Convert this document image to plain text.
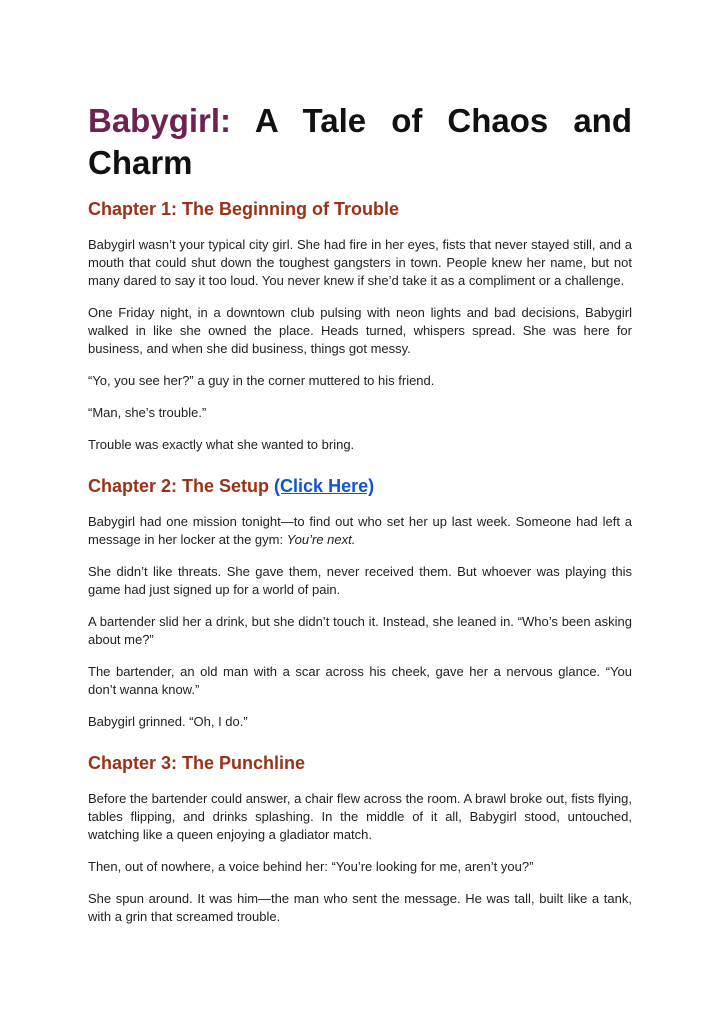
Babygirl: A Tale of Chaos and Charm
Chapter 1: The Beginning of Trouble

Babygirl wasn’t your typical city girl. She had fire in her eyes, fists that never stayed still, and a mouth that could shut down the toughest gangsters in town. People knew her name, but not many dared to say it too loud. You never knew if she’d take it as a compliment or a challenge.

One Friday night, in a downtown club pulsing with neon lights and bad decisions, Babygirl walked in like she owned the place. Heads turned, whispers spread. She was here for business, and when she did business, things got messy.

“Yo, you see her?” a guy in the corner muttered to his friend.

“Man, she’s trouble.”

Trouble was exactly what she wanted to bring.

Chapter 2: The Setup (Click Here)

Babygirl had one mission tonight—to find out who set her up last week. Someone had left a message in her locker at the gym: You’re next.

She didn’t like threats. She gave them, never received them. But whoever was playing this game had just signed up for a world of pain.

A bartender slid her a drink, but she didn’t touch it. Instead, she leaned in. “Who’s been asking about me?”

The bartender, an old man with a scar across his cheek, gave her a nervous glance. “You don’t wanna know.”

Babygirl grinned. “Oh, I do.”

Chapter 3: The Punchline

Before the bartender could answer, a chair flew across the room. A brawl broke out, fists flying, tables flipping, and drinks splashing. In the middle of it all, Babygirl stood, untouched, watching like a queen enjoying a gladiator match.

Then, out of nowhere, a voice behind her: “You’re looking for me, aren’t you?”

She spun around. It was him—the man who sent the message. He was tall, built like a tank, with a grin that screamed trouble.
